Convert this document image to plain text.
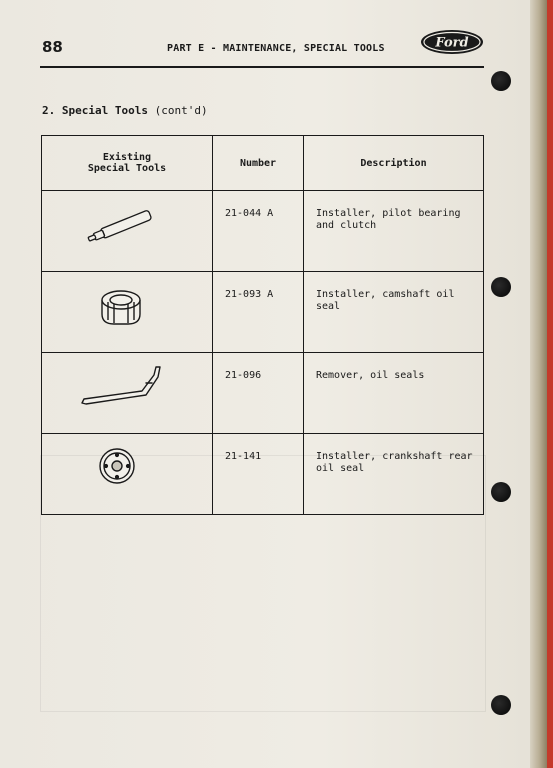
88	PART E - MAINTENANCE, SPECIAL TOOLS	Ford
2. Special Tools (cont'd)
Existing
Special Tools	Number	Description

	21-044 A	Installer, pilot bearing and clutch

	21-093 A	Installer, camshaft oil seal

	21-096	Remover, oil seals

	21-141	Installer, crankshaft rear oil seal
